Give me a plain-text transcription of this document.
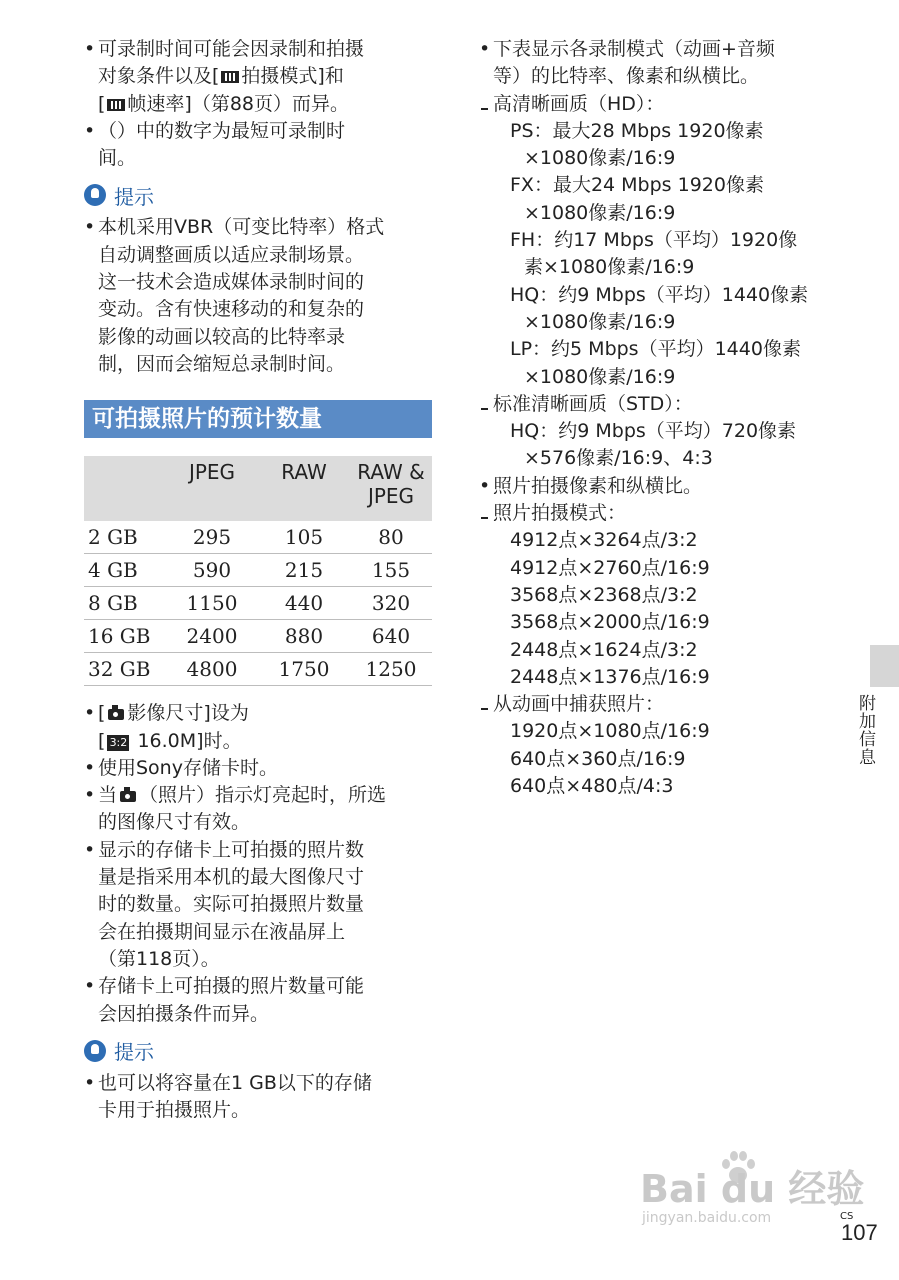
• 可录制时间可能会因录制和拍摄
对象条件以及[ 拍摄模式]和
[ 帧速率]（第88页）而异。
• （）中的数字为最短可录制时
间。
提示
• 本机采用VBR（可变比特率）格式
自动调整画质以适应录制场景。
这一技术会造成媒体录制时间的
变动。含有快速移动的和复杂的
影像的动画以较高的比特率录
制，因而会缩短总录制时间。
可拍摄照片的预计数量
	JPEG	RAW	RAW &
JPEG
2 GB	295	105	80
4 GB	590	215	155
8 GB	1150	440	320
16 GB	2400	880	640
32 GB	4800	1750	1250
• [ 影像尺寸]设为
[ 3:2 16.0M]时。
• 使用Sony存储卡时。
• 当 （照片）指示灯亮起时，所选
的图像尺寸有效。
• 显示的存储卡上可拍摄的照片数
量是指采用本机的最大图像尺寸
时的数量。实际可拍摄照片数量
会在拍摄期间显示在液晶屏上
（第118页）。
• 存储卡上可拍摄的照片数量可能
会因拍摄条件而异。
提示
• 也可以将容量在1 GB以下的存储
卡用于拍摄照片。
• 下表显示各录制模式（动画+音频
等）的比特率、像素和纵横比。
高清晰画质（HD）：
PS：最大28 Mbps 1920像素
×1080像素/16:9
FX：最大24 Mbps 1920像素
×1080像素/16:9
FH：约17 Mbps（平均）1920像
素×1080像素/16:9
HQ：约9 Mbps（平均）1440像素
×1080像素/16:9
LP：约5 Mbps（平均）1440像素
×1080像素/16:9
标准清晰画质（STD）：
HQ：约9 Mbps（平均）720像素
×576像素/16:9、4:3
• 照片拍摄像素和纵横比。
照片拍摄模式：
4912点×3264点/3:2
4912点×2760点/16:9
3568点×2368点/3:2
3568点×2000点/16:9
2448点×1624点/3:2
2448点×1376点/16:9
从动画中捕获照片：
1920点×1080点/16:9
640点×360点/16:9
640点×480点/4:3
附加信息
Bai du 经验
jingyan.baidu.com	CS
107
